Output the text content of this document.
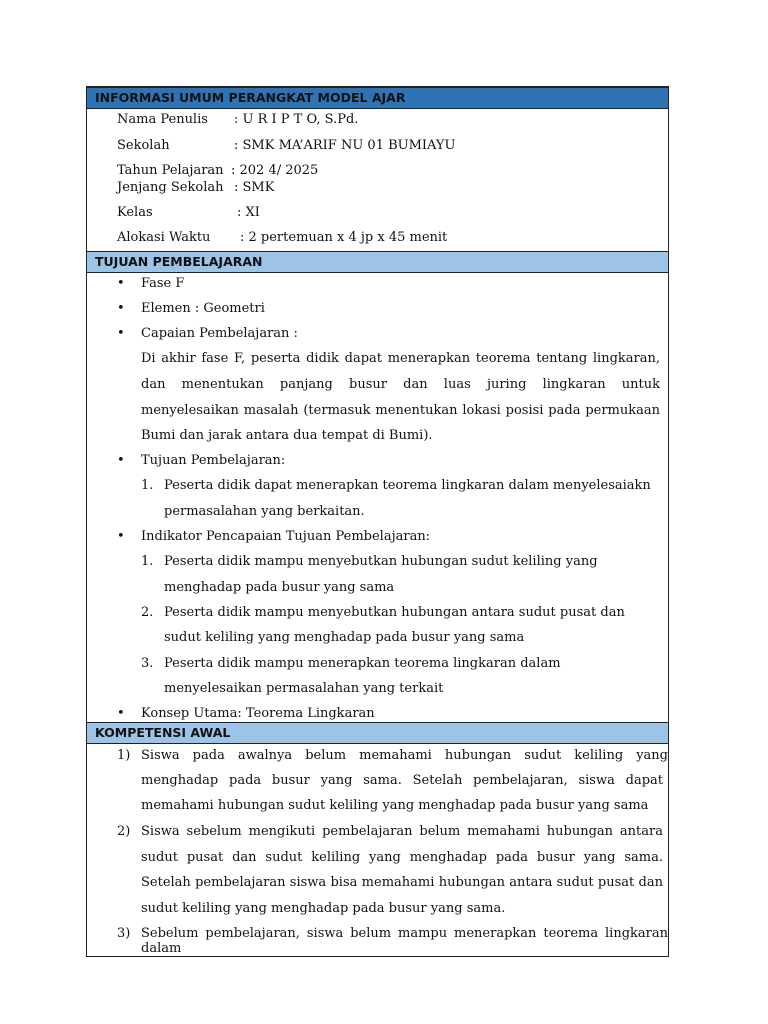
INFORMASI UMUM PERANGKAT MODEL AJAR
Nama Penulis : U R I P T O, S.Pd.
Sekolah	: SMK MA’ARIF NU 01 BUMIAYU
Tahun Pelajaran : 202 4/ 2025
Jenjang Sekolah : SMK
Kelas	: XI
Alokasi Waktu : 2 pertemuan x 4 jp x 45 menit
TUJUAN PEMBELAJARAN
• Fase F
• Elemen : Geometri
• Capaian Pembelajaran :
Di akhir fase F, peserta didik dapat menerapkan teorema tentang lingkaran,
dan menentukan panjang busur dan luas juring lingkaran untuk
menyelesaikan masalah (termasuk menentukan lokasi posisi pada permukaan
Bumi dan jarak antara dua tempat di Bumi).
• Tujuan Pembelajaran:
1. Peserta didik dapat menerapkan teorema lingkaran dalam menyelesaiakn
permasalahan yang berkaitan.
• Indikator Pencapaian Tujuan Pembelajaran:
1. Peserta didik mampu menyebutkan hubungan sudut keliling yang
menghadap pada busur yang sama
2. Peserta didik mampu menyebutkan hubungan antara sudut pusat dan
sudut keliling yang menghadap pada busur yang sama
3. Peserta didik mampu menerapkan teorema lingkaran dalam
menyelesaikan permasalahan yang terkait
• Konsep Utama: Teorema Lingkaran
KOMPETENSI AWAL
1) Siswa pada awalnya belum memahami hubungan sudut keliling yang
menghadap pada busur yang sama. Setelah pembelajaran, siswa dapat
memahami hubungan sudut keliling yang menghadap pada busur yang sama
2) Siswa sebelum mengikuti pembelajaran belum memahami hubungan antara
sudut pusat dan sudut keliling yang menghadap pada busur yang sama.
Setelah pembelajaran siswa bisa memahami hubungan antara sudut pusat dan
sudut keliling yang menghadap pada busur yang sama.
3) Sebelum pembelajaran, siswa belum mampu menerapkan teorema lingkaran
dalam
